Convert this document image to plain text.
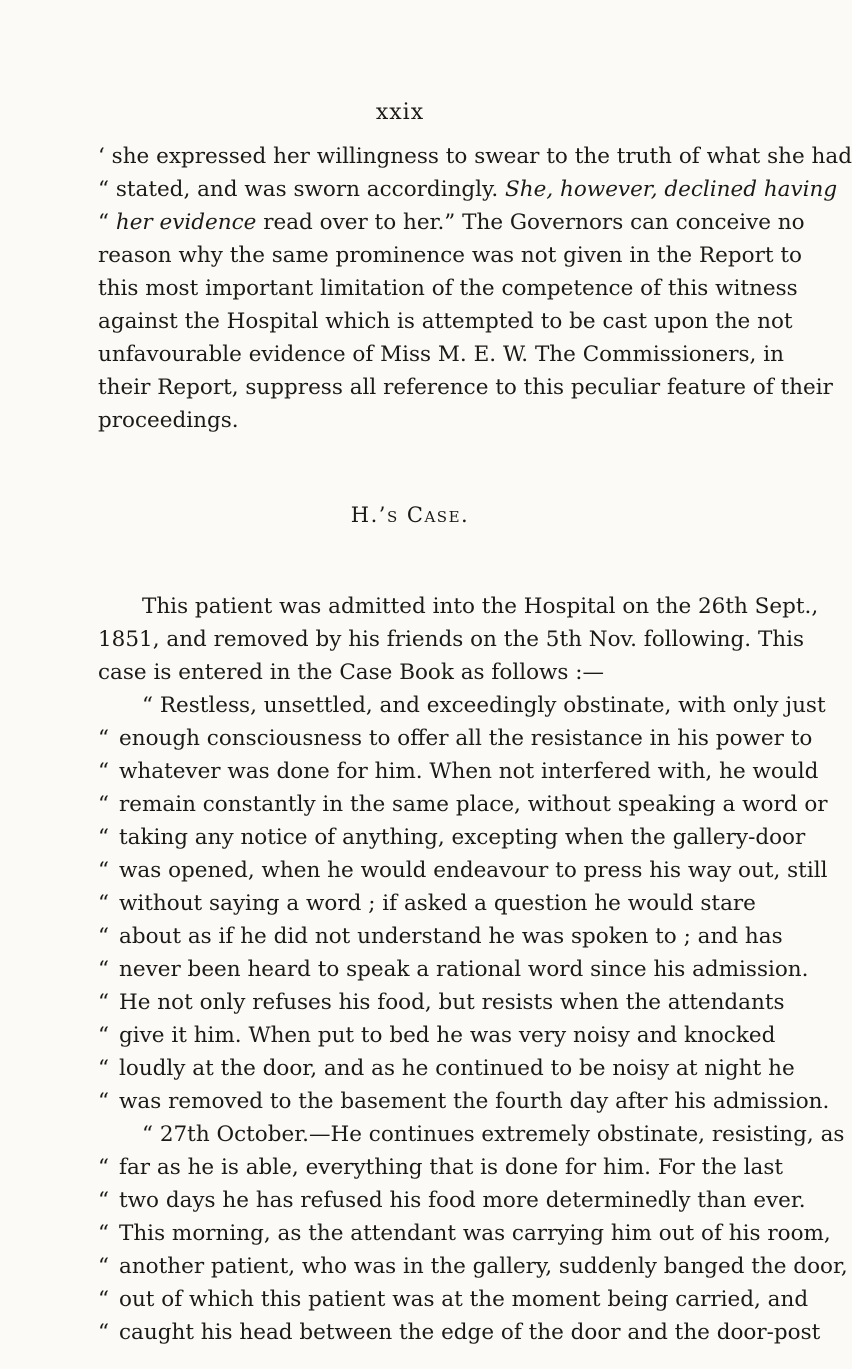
xxix
‘ she expressed her willingness to swear to the truth of what she had
“ stated, and was sworn accordingly. She, however, declined having
“ her evidence read over to her.” The Governors can conceive no
reason why the same prominence was not given in the Report to
this most important limitation of the competence of this witness
against the Hospital which is attempted to be cast upon the not
unfavourable evidence of Miss M. E. W. The Commissioners, in
their Report, suppress all reference to this peculiar feature of their
proceedings.
H.’s Case.
This patient was admitted into the Hospital on the 26th Sept.,
1851, and removed by his friends on the 5th Nov. following. This
case is entered in the Case Book as follows :—
“ Restless, unsettled, and exceedingly obstinate, with only just
“ enough consciousness to offer all the resistance in his power to
“ whatever was done for him. When not interfered with, he would
“ remain constantly in the same place, without speaking a word or
“ taking any notice of anything, excepting when the gallery-door
“ was opened, when he would endeavour to press his way out, still
“ without saying a word ; if asked a question he would stare
“ about as if he did not understand he was spoken to ; and has
“ never been heard to speak a rational word since his admission.
“ He not only refuses his food, but resists when the attendants
“ give it him. When put to bed he was very noisy and knocked
“ loudly at the door, and as he continued to be noisy at night he
“ was removed to the basement the fourth day after his admission.
“ 27th October.—He continues extremely obstinate, resisting, as
“ far as he is able, everything that is done for him. For the last
“ two days he has refused his food more determinedly than ever.
“ This morning, as the attendant was carrying him out of his room,
“ another patient, who was in the gallery, suddenly banged the door,
“ out of which this patient was at the moment being carried, and
“ caught his head between the edge of the door and the door-post
